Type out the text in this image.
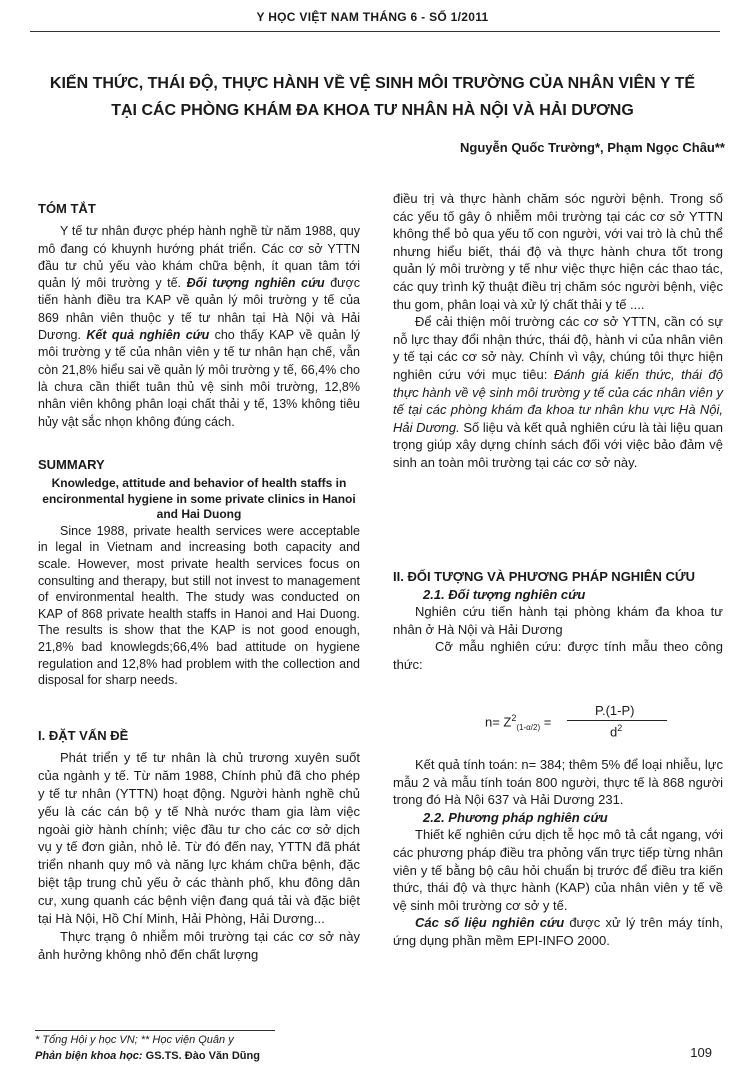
Y HỌC VIỆT NAM THÁNG 6 - SỐ 1/2011
KIẾN THỨC, THÁI ĐỘ, THỰC HÀNH VỀ VỆ SINH MÔI TRƯỜNG CỦA NHÂN VIÊN Y TẾ
TẠI CÁC PHÒNG KHÁM ĐA KHOA TƯ NHÂN HÀ NỘI VÀ HẢI DƯƠNG
Nguyễn Quốc Trường*, Phạm Ngọc Châu**

TÓM TẮT

Y tế tư nhân được phép hành nghề từ năm 1988, quy mô đang có khuynh hướng phát triển. Các cơ sở YTTN đầu tư chủ yếu vào khám chữa bệnh, ít quan tâm tới quản lý môi trường y tế. Đối tượng nghiên cứu được tiến hành điều tra KAP về quản lý môi trường y tế của 869 nhân viên thuộc y tế tư nhân tại Hà Nội và Hải Dương. Kết quả nghiên cứu cho thấy KAP về quản lý môi trường y tế của nhân viên y tế tư nhân hạn chế, vẫn còn 21,8% hiểu sai về quản lý môi trường y tế, 66,4% cho là chưa cần thiết tuân thủ vệ sinh môi trường, 12,8% nhân viên không phân loại chất thải y tế, 13% không tiêu hủy vật sắc nhọn không đúng cách.

SUMMARY

Knowledge, attitude and behavior of health staffs in encironmental hygiene in some private clinics in Hanoi and Hai Duong

Since 1988, private health services were acceptable in legal in Vietnam and increasing both capacity and scale. However, most private health services focus on consulting and therapy, but still not invest to management of environmental health. The study was conducted on KAP of 868 private health staffs in Hanoi and Hai Duong. The results is show that the KAP is not good enough, 21,8% bad knowlegds;66,4% bad attitude on hygiene regulation and 12,8% had problem with the collection and disposal for sharp needs.

I. ĐẶT VẤN ĐỀ

Phát triển y tế tư nhân là chủ trương xuyên suốt của ngành y tế. Từ năm 1988, Chính phủ đã cho phép y tế tư nhân (YTTN) hoạt động. Người hành nghề chủ yếu là các cán bộ y tế Nhà nước tham gia làm việc ngoài giờ hành chính; việc đầu tư cho các cơ sở dịch vụ y tế đơn giản, nhỏ lẻ. Từ đó đến nay, YTTN đã phát triển nhanh quy mô và năng lực khám chữa bệnh, đặc biệt tập trung chủ yếu ở các thành phố, khu đông dân cư, xung quanh các bệnh viện đang quá tải và đặc biệt tại Hà Nội, Hồ Chí Minh, Hải Phòng, Hải Dương...

Thực trạng ô nhiễm môi trường tại các cơ sở này ảnh hưởng không nhỏ đến chất lượng

điều trị và thực hành chăm sóc người bệnh. Trong số các yếu tố gây ô nhiễm môi trường tại các cơ sở YTTN không thể bỏ qua yếu tố con người, với vai trò là chủ thể nhưng hiểu biết, thái độ và thực hành chưa tốt trong quản lý môi trường y tế như việc thực hiện các thao tác, các quy trình kỹ thuật điều trị chăm sóc người bệnh, việc thu gom, phân loại và xử lý chất thải y tế ....

Để cải thiện môi trường các cơ sở YTTN, cần có sự nỗ lực thay đổi nhận thức, thái độ, hành vi của nhân viên y tế tại các cơ sở này. Chính vì vậy, chúng tôi thực hiện nghiên cứu với mục tiêu: Đánh giá kiến thức, thái độ thực hành về vệ sinh môi trường y tế của các nhân viên y tế tại các phòng khám đa khoa tư nhân khu vực Hà Nội, Hải Dương. Số liệu và kết quả nghiên cứu là tài liệu quan trọng giúp xây dựng chính sách đối với việc bảo đảm vệ sinh an toàn môi trường tại các cơ sở này.

II. ĐỐI TƯỢNG VÀ PHƯƠNG PHÁP NGHIÊN CỨU

2.1. Đối tượng nghiên cứu

Nghiên cứu tiến hành tại phòng khám đa khoa tư nhân ở Hà Nội và Hải Dương

Cỡ mẫu nghiên cứu: được tính mẫu theo công thức:

$n= Z^2_{(1-\alpha/2)}$ =
P.(1-P)
$d^2$

Kết quả tính toán: n= 384; thêm 5% để loại nhiễu, lực mẫu 2 và mẫu tính toán 800 người, thực tế là 868 người trong đó Hà Nội 637 và Hải Dương 231.

2.2. Phương pháp nghiên cứu

Thiết kế nghiên cứu dịch tễ học mô tả cắt ngang, với các phương pháp điều tra phỏng vấn trực tiếp từng nhân viên y tế bằng bộ câu hỏi chuẩn bị trước để điều tra kiến thức, thái độ và thực hành (KAP) của nhân viên y tế về vệ sinh môi trường cơ sở y tế.

Các số liệu nghiên cứu được xử lý trên máy tính, ứng dụng phần mềm EPI-INFO 2000.

* Tổng Hội y học VN; ** Học viện Quân y
Phản biện khoa học: GS.TS. Đào Văn Dũng	109
